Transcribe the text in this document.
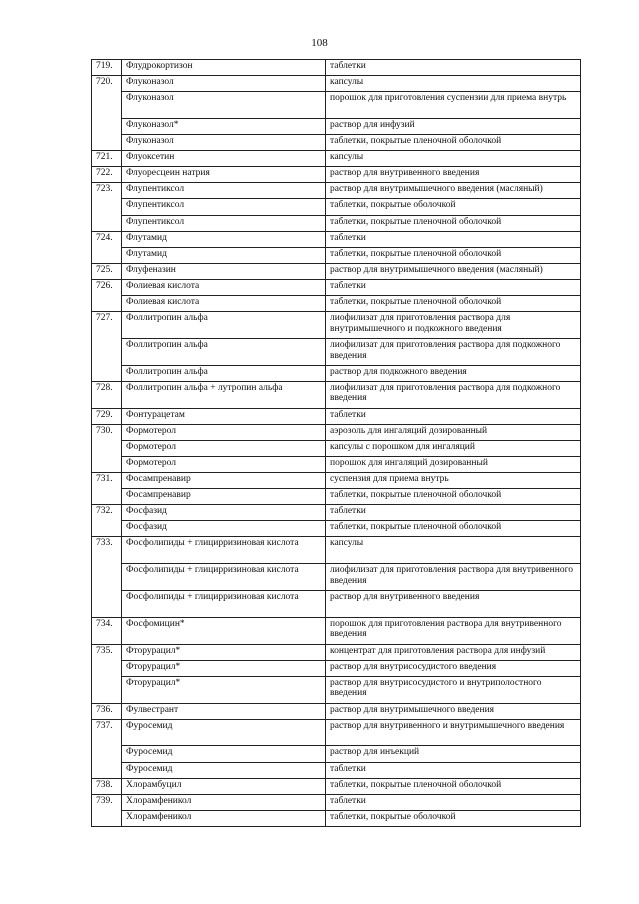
108
719.	Флудрокортизон	таблетки
720.	Флуконазол	капсулы
	Флуконазол	порошок для приготовления суспензии для приема внутрь
	Флуконазол*	раствор для инфузий
	Флуконазол	таблетки, покрытые пленочной оболочкой
721.	Флуоксетин	капсулы
722.	Флуоресцеин натрия	раствор для внутривенного введения
723.	Флупентиксол	раствор для внутримышечного введения (масляный)
	Флупентиксол	таблетки, покрытые оболочкой
	Флупентиксол	таблетки, покрытые пленочной оболочкой
724.	Флутамид	таблетки
	Флутамид	таблетки, покрытые пленочной оболочкой
725.	Флуфеназин	раствор для внутримышечного введения (масляный)
726.	Фолиевая кислота	таблетки
	Фолиевая кислота	таблетки, покрытые пленочной оболочкой
727.	Фоллитропин альфа	лиофилизат для приготовления раствора для внутримышечного и подкожного введения
	Фоллитропин альфа	лиофилизат для приготовления раствора для подкожного введения
	Фоллитропин альфа	раствор для подкожного введения
728.	Фоллитропин альфа + лутропин альфа	лиофилизат для приготовления раствора для подкожного введения
729.	Фонтурацетам	таблетки
730.	Формотерол	аэрозоль для ингаляций дозированный
	Формотерол	капсулы с порошком для ингаляций
	Формотерол	порошок для ингаляций дозированный
731.	Фосампренавир	суспензия для приема внутрь
	Фосампренавир	таблетки, покрытые пленочной оболочкой
732.	Фосфазид	таблетки
	Фосфазид	таблетки, покрытые пленочной оболочкой
733.	Фосфолипиды + глицирризиновая кислота	капсулы
	Фосфолипиды + глицирризиновая кислота	лиофилизат для приготовления раствора для внутривенного введения
	Фосфолипиды + глицирризиновая кислота	раствор для внутривенного введения
734.	Фосфомицин*	порошок для приготовления раствора для внутривенного введения
735.	Фторурацил*	концентрат для приготовления раствора для инфузий
	Фторурацил*	раствор для внутрисосудистого введения
	Фторурацил*	раствор для внутрисосудистого и внутриполостного введения
736.	Фулвестрант	раствор для внутримышечного введения
737.	Фуросемид	раствор для внутривенного и внутримышечного введения
	Фуросемид	раствор для инъекций
	Фуросемид	таблетки
738.	Хлорамбуцил	таблетки, покрытые пленочной оболочкой
739.	Хлорамфеникол	таблетки
	Хлорамфеникол	таблетки, покрытые оболочкой
